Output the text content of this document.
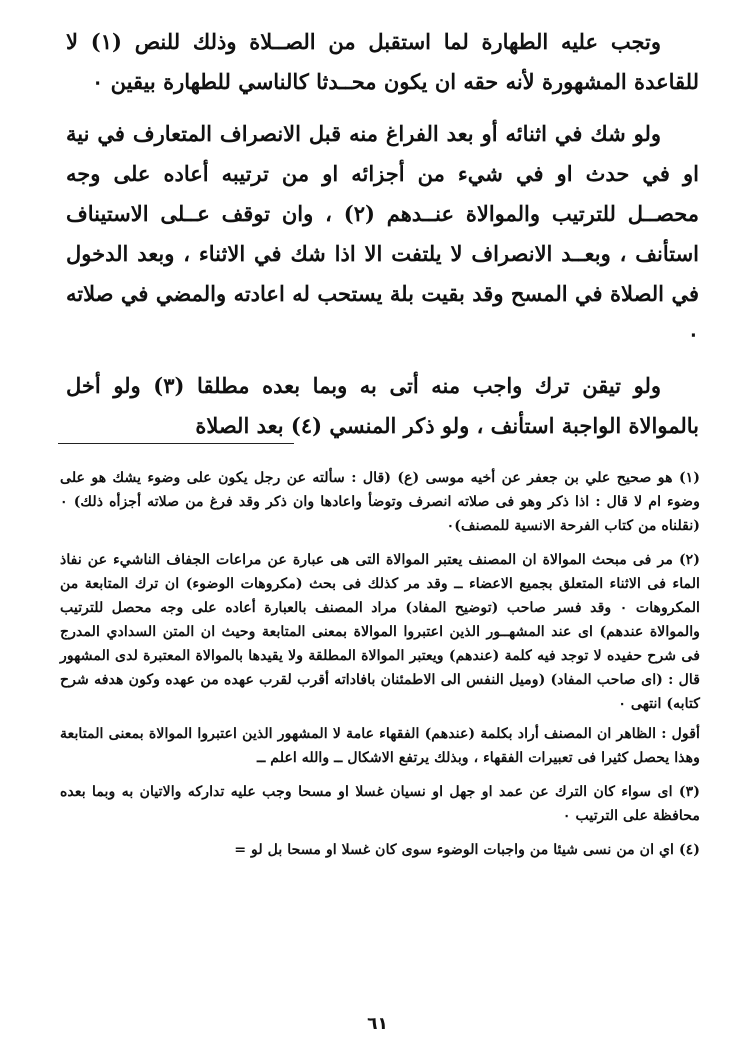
وتجب عليه الطهارة لما استقبل من الصــلاة وذلك للنص (١) لا للقاعدة المشهورة لأنه حقه ان يكون محــدثا كالناسي للطهارة بيقين ٠

ولو شك في اثنائه أو بعد الفراغ منه قبل الانصراف المتعارف في نية او في حدث او في شيء من أجزائه او من ترتيبه أعاده على وجه محصــل للترتيب والموالاة عنــدهم (٢) ، وان توقف عــلى الاستيناف استأنف ، وبعــد الانصراف لا يلتفت الا اذا شك في الاثناء ، وبعد الدخول في الصلاة في المسح وقد بقيت بلة يستحب له اعادته والمضي في صلاته ٠

ولو تيقن ترك واجب منه أتى به وبما بعده مطلقا (٣) ولو أخل بالموالاة الواجبة استأنف ، ولو ذكر المنسي (٤) بعد الصلاة

(١) هو صحيح علي بن جعفر عن أخيه موسى (ع) (قال : سألته عن رجل يكون على وضوء يشك هو على وضوء ام لا قال : اذا ذكر وهو فى صلاته انصرف وتوضأ واعادها وان ذكر وقد فرغ من صلاته أجزأه ذلك) ٠ (نقلناه من كتاب الفرحة الانسية للمصنف)٠

(٢) مر فى مبحث الموالاة ان المصنف يعتبر الموالاة التى هى عبارة عن مراعات الجفاف الناشيء عن نفاذ الماء فى الاثناء المتعلق بجميع الاعضاء ــ وقد مر كذلك فى بحث (مكروهات الوضوء) ان ترك المتابعة من المكروهات ٠ وقد فسر صاحب (توضيح المفاد) مراد المصنف بالعبارة أعاده على وجه محصل للترتيب والموالاة عندهم) اى عند المشهــور الذين اعتبروا الموالاة بمعنى المتابعة وحيث ان المتن السدادي المدرج فى شرح حفيده لا توجد فيه كلمة (عندهم) ويعتبر الموالاة المطلقة ولا يقيدها بالموالاة المعتبرة لدى المشهور قال : (اى صاحب المفاد) (وميل النفس الى الاطمئنان بافاداته أقرب لقرب عهده من عهده وكون هدفه شرح كتابه) انتهى ٠

أقول : الظاهر ان المصنف أراد بكلمة (عندهم) الفقهاء عامة لا المشهور الذين اعتبروا الموالاة بمعنى المتابعة وهذا يحصل كثيرا فى تعبيرات الفقهاء ، وبذلك يرتفع الاشكال ــ والله اعلم ــ

(٣) اى سواء كان الترك عن عمد او جهل او نسيان غسلا او مسحا وجب عليه تداركه والاتيان به وبما بعده محافظة على الترتيب ٠

(٤) اي ان من نسى شيئا من واجبات الوضوء سوى كان غسلا او مسحا بل لو =

٦١
